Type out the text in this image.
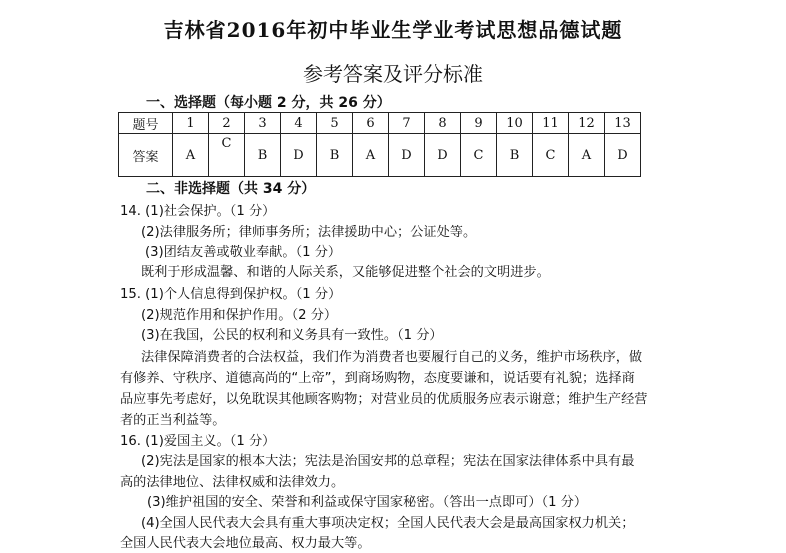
吉林省2016年初中毕业生学业考试思想品德试题
参考答案及评分标准
一、选择题（每小题 2 分，共 26 分）
题号	1	2	3	4	5	6	7	8	9	10	11	12	13
答案	A	C	B	D	B	A	D	D	C	B	C	A	D
二、非选择题（共 34 分）
14. (1)社会保护。（1 分）
(2)法律服务所；律师事务所；法律援助中心；公证处等。
(3)团结友善或敬业奉献。（1 分）
既利于形成温馨、和谐的人际关系，又能够促进整个社会的文明进步。
15. (1)个人信息得到保护权。（1 分）
(2)规范作用和保护作用。（2 分）
(3)在我国，公民的权利和义务具有一致性。（1 分）
法律保障消费者的合法权益，我们作为消费者也要履行自己的义务，维护市场秩序，做
有修养、守秩序、道德高尚的“上帝”，到商场购物，态度要谦和，说话要有礼貌；选择商
品应事先考虑好，以免耽误其他顾客购物；对营业员的优质服务应表示谢意；维护生产经营
者的正当利益等。
16. (1)爱国主义。（1 分）
(2)宪法是国家的根本大法；宪法是治国安邦的总章程；宪法在国家法律体系中具有最
高的法律地位、法律权威和法律效力。
(3)维护祖国的安全、荣誉和利益或保守国家秘密。（答出一点即可）（1 分）
(4)全国人民代表大会具有重大事项决定权；全国人民代表大会是最高国家权力机关；
全国人民代表大会地位最高、权力最大等。
